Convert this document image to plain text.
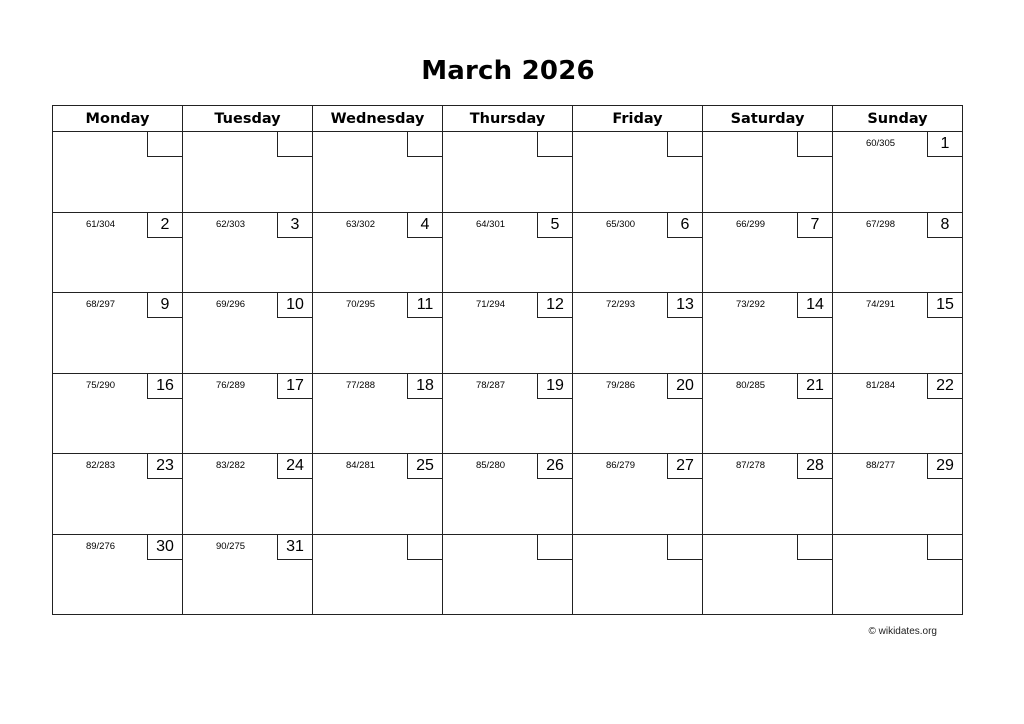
March 2026
Monday	Tuesday	Wednesday	Thursday	Friday	Saturday	Sunday

						60/305 1

61/304 2	62/303 3	63/302 4	64/301 5	65/300 6	66/299 7	67/298 8

68/297 9	69/296 10	70/295 11	71/294 12	72/293 13	73/292 14	74/291 15

75/290 16	76/289 17	77/288 18	78/287 19	79/286 20	80/285 21	81/284 22

82/283 23	83/282 24	84/281 25	85/280 26	86/279 27	87/278 28	88/277 29

89/276 30	90/275 31					

© wikidates.org
